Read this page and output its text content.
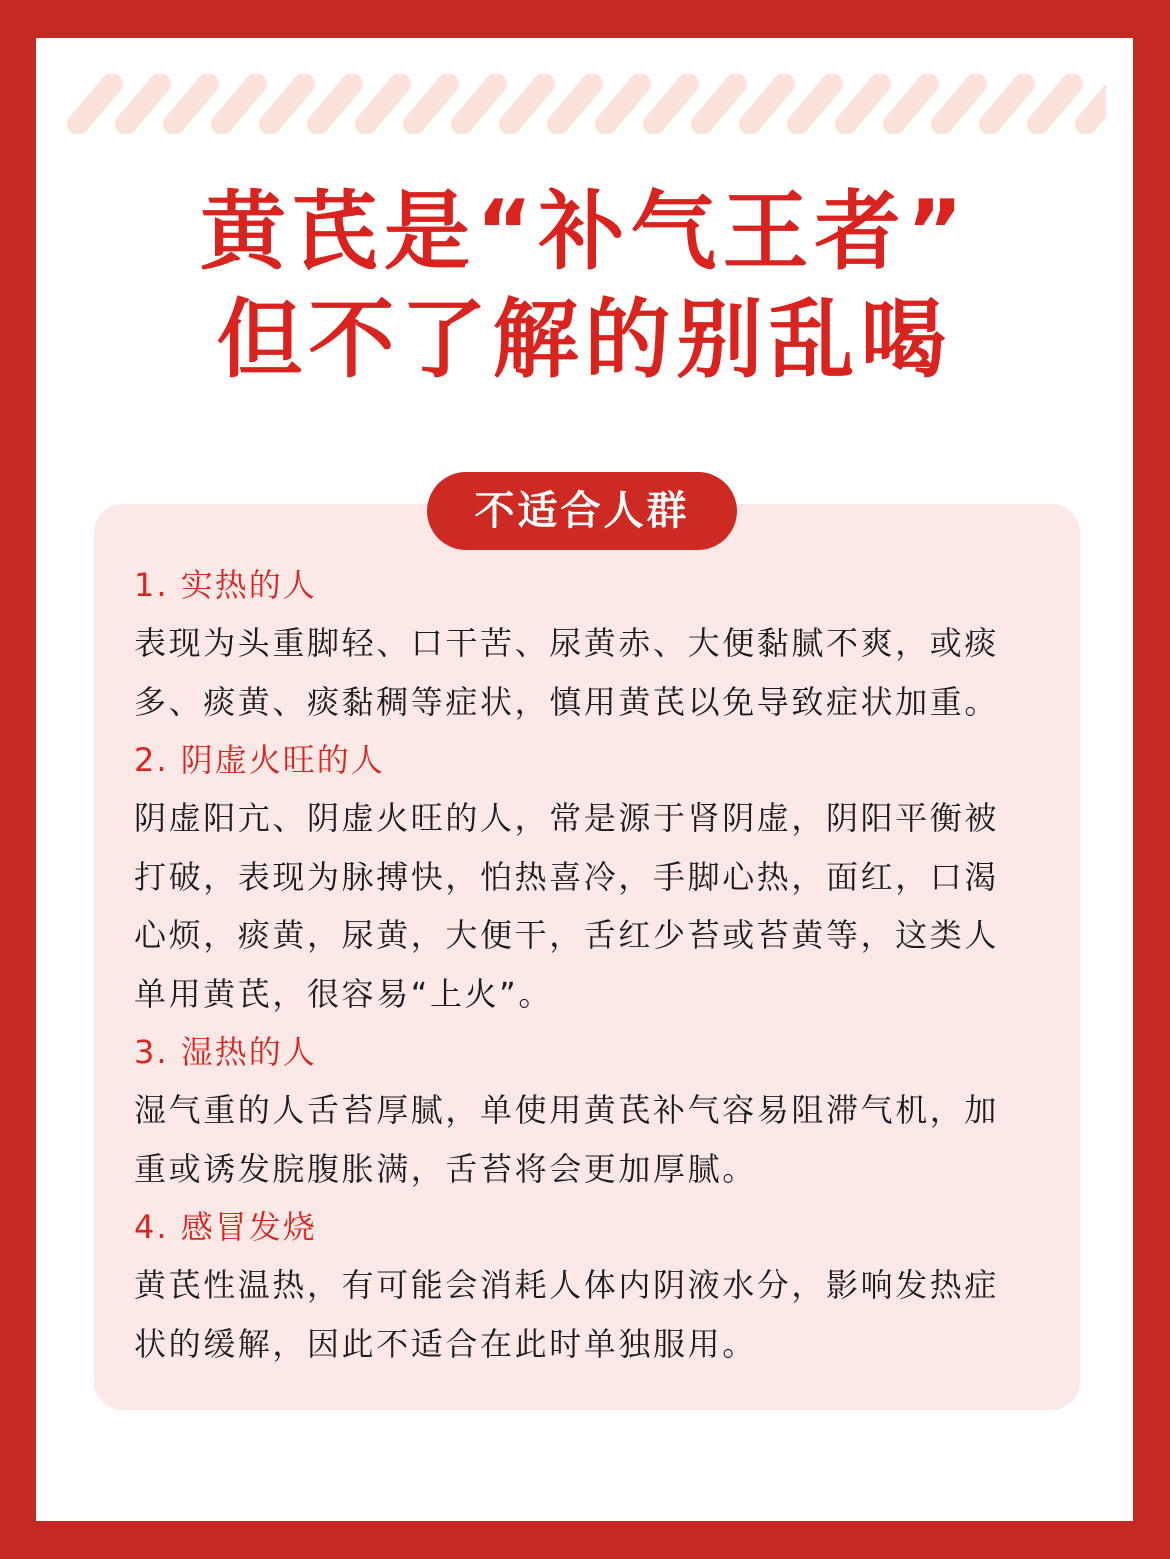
黄芪是“补气王者”
但不了解的别乱喝
不适合人群
1. 实热的人
表现为头重脚轻、口干苦、尿黄赤、大便黏腻不爽，或痰
多、痰黄、痰黏稠等症状，慎用黄芪以免导致症状加重。
2. 阴虚火旺的人
阴虚阳亢、阴虚火旺的人，常是源于肾阴虚，阴阳平衡被
打破，表现为脉搏快，怕热喜冷，手脚心热，面红，口渴
心烦，痰黄，尿黄，大便干，舌红少苔或苔黄等，这类人
单用黄芪，很容易“上火”。
3. 湿热的人
湿气重的人舌苔厚腻，单使用黄芪补气容易阻滞气机，加
重或诱发脘腹胀满，舌苔将会更加厚腻。
4. 感冒发烧
黄芪性温热，有可能会消耗人体内阴液水分，影响发热症
状的缓解，因此不适合在此时单独服用。
